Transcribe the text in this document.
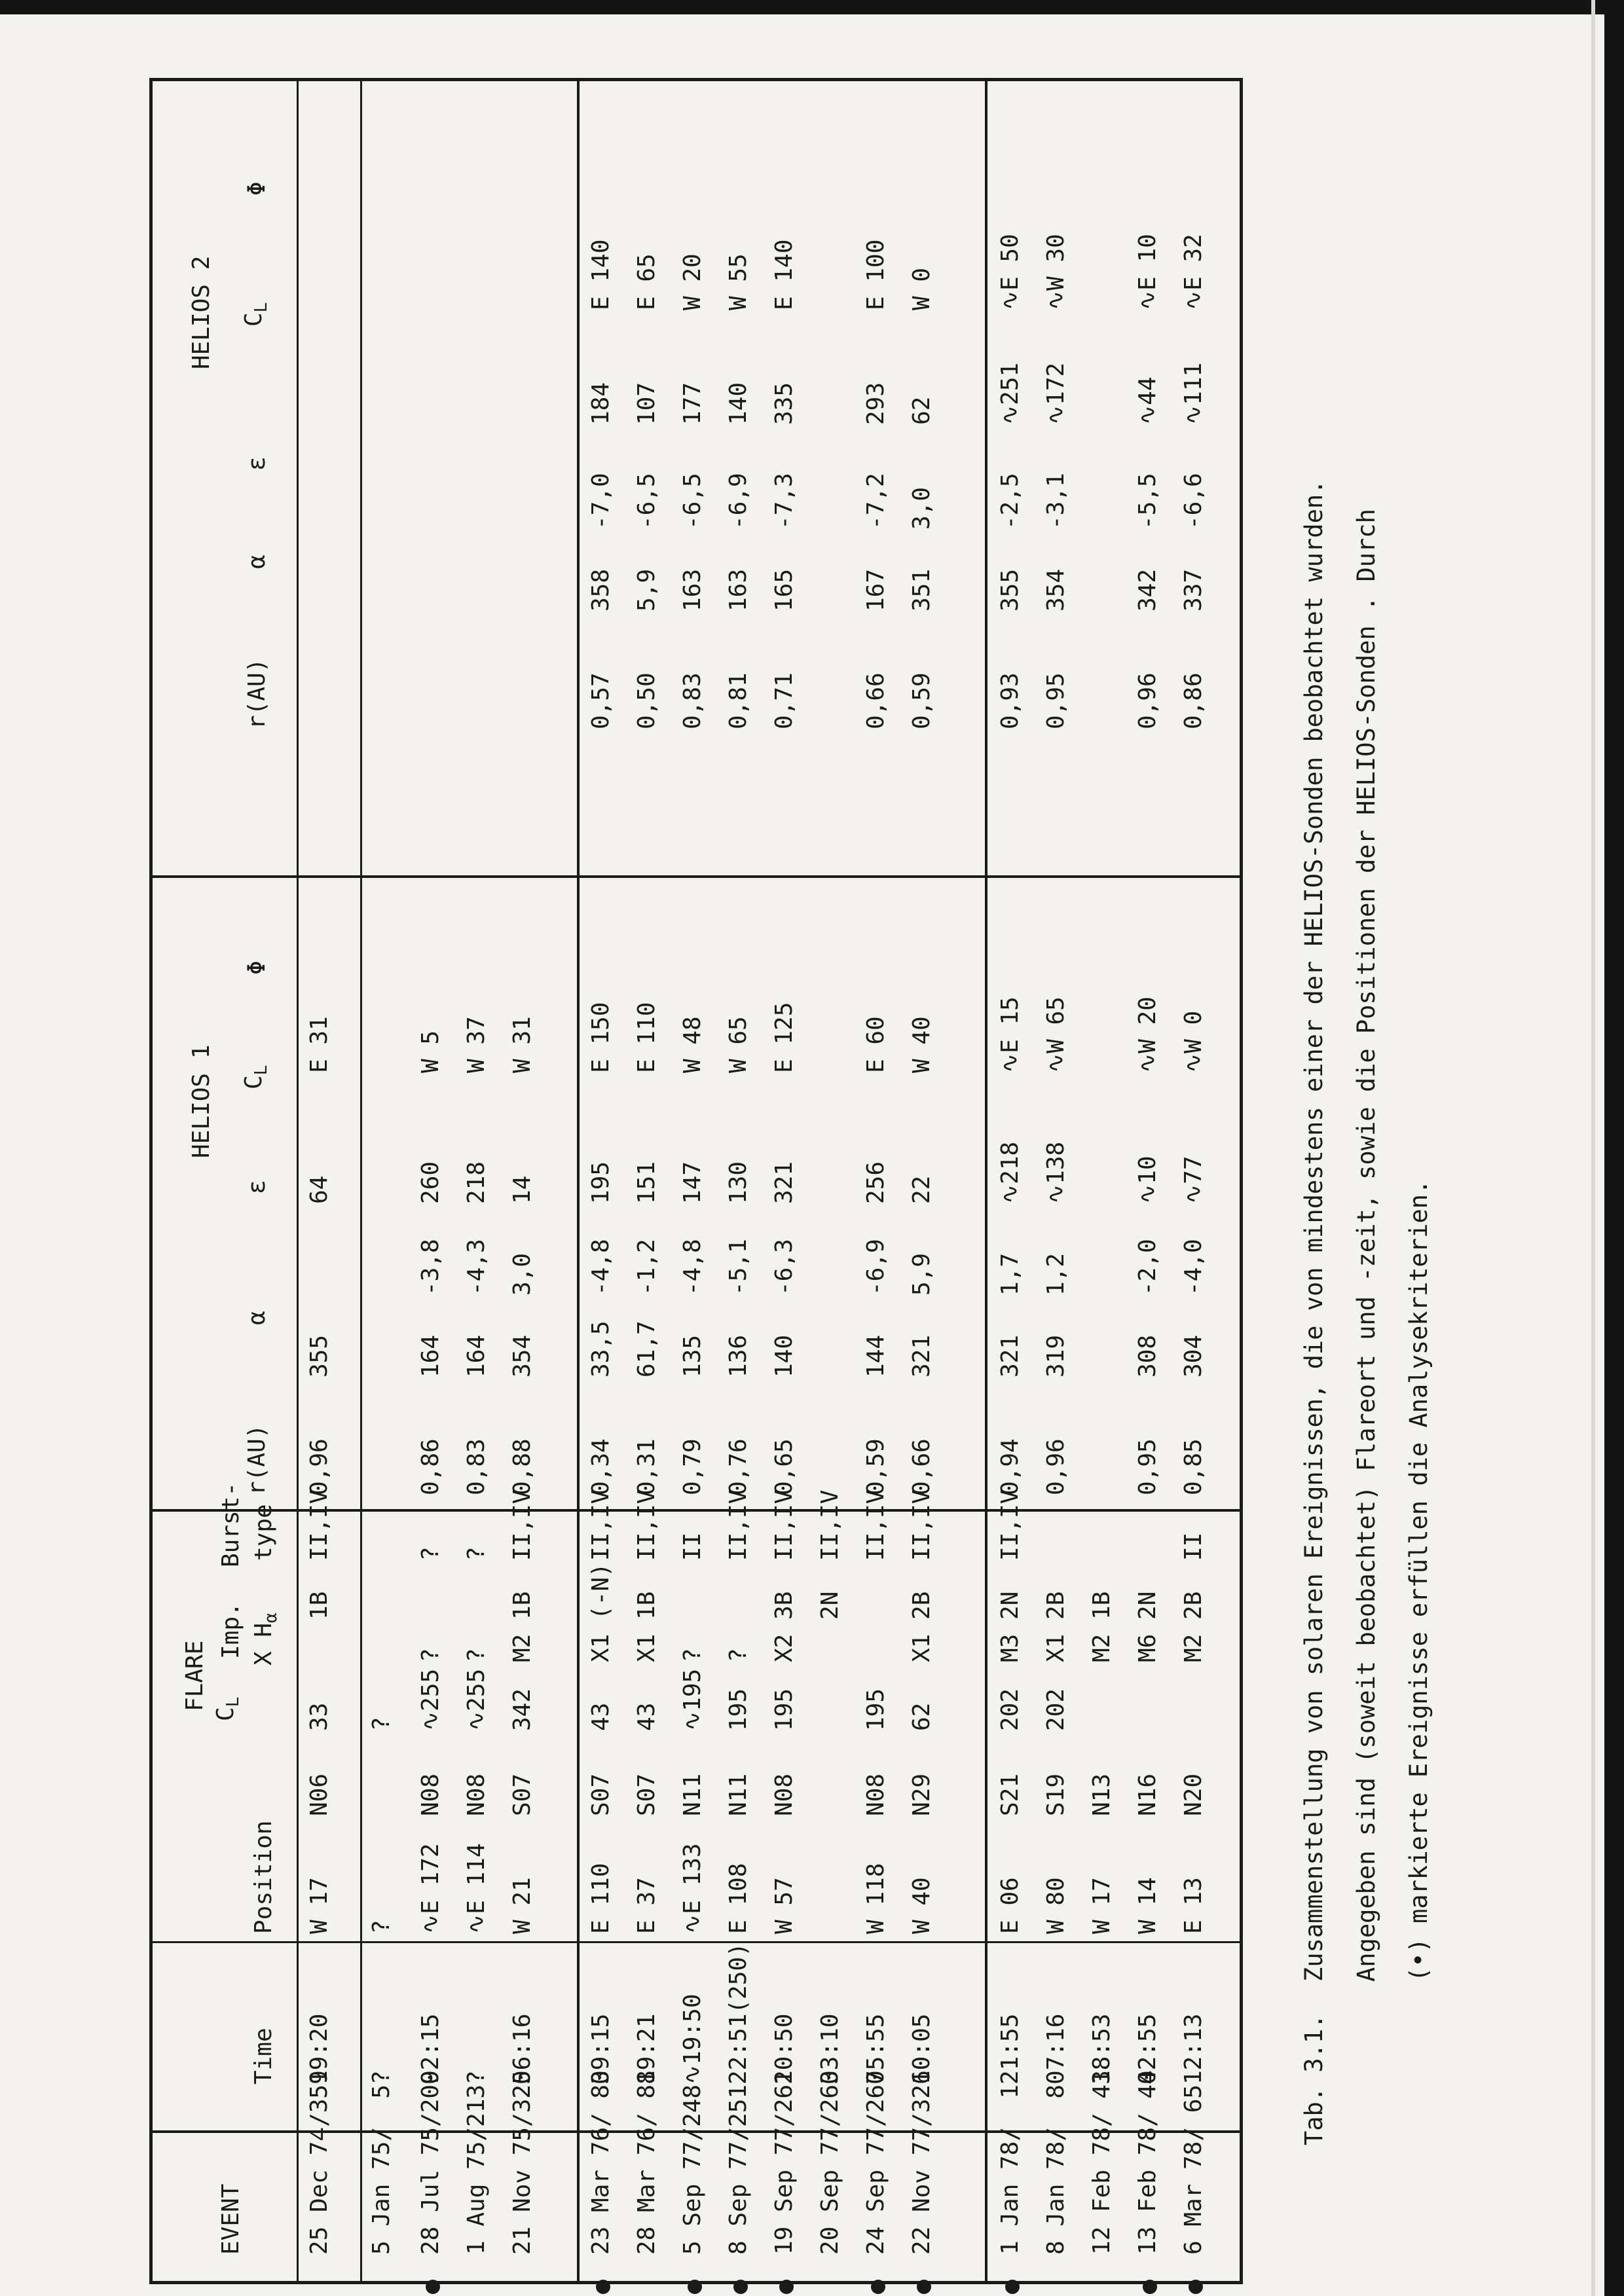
EVENT
Time
Position
FLARE
$C_L$
Imp. X $H_\alpha$
Burst- type
HELIOS 1
r(AU)
α
ε
$C_L$
Φ
HELIOS 2
r(AU)
α
ε
$C_L$
Φ
25 Dec 74/359
19:20
W 17
N06
33
1B
II,IV
0,96
355
64
E 31
5 Jan 75/  5
?
?
?
28 Jul 75/209
02:15
∿E 172
N08
∿255
?
?
0,86
164
-3,8
260
W 5
1 Aug 75/213
?
∿E 114
N08
∿255
?
?
0,83
164
-4,3
218
W 37
21 Nov 75/325
06:16
W 21
S07
342
M2
1B
II,IV
0,88
354
3,0
14
W 31
23 Mar 76/ 83
09:15
E 110
S07
43
X1
(-N)
II,IV
0,34
33,5
-4,8
195
E 150
0,57
358
-7,0
184
E 140
28 Mar 76/ 88
19:21
E 37
S07
43
X1
1B
II,IV
0,31
61,7
-1,2
151
E 110
0,50
5,9
-6,5
107
E 65
5 Sep 77/248
∿19:50
∿E 133
N11
∿195
?
II
0,79
135
-4,8
147
W 48
0,83
163
-6,5
177
W 20
8 Sep 77/251
22:51(250)
E 108
N11
195
?
II,IV
0,76
136
-5,1
130
W 65
0,81
163
-6,9
140
W 55
19 Sep 77/262
10:50
W 57
N08
195
X2
3B
II,IV
0,65
140
-6,3
321
E 125
0,71
165
-7,3
335
E 140
20 Sep 77/263
03:10
2N
II,IV
24 Sep 77/267
05:55
W 118
N08
195
II,IV
0,59
144
-6,9
256
E 60
0,66
167
-7,2
293
E 100
22 Nov 77/326
10:05
W 40
N29
62
X1
2B
II,IV
0,66
321
5,9
22
W 40
0,59
351
3,0
62
W 0
1 Jan 78/  1
21:55
E 06
S21
202
M3
2N
II,IV
0,94
321
1,7
∿218
∿E 15
0,93
355
-2,5
∿251
∿E 50
8 Jan 78/  8
07:16
W 80
S19
202
X1
2B
0,96
319
1,2
∿138
∿W 65
0,95
354
-3,1
∿172
∿W 30
12 Feb 78/ 43
18:53
W 17
N13
M2
1B
13 Feb 78/ 44
02:55
W 14
N16
M6
2N
0,95
308
-2,0
∿10
∿W 20
0,96
342
-5,5
∿44
∿E 10
6 Mar 78/ 65
12:13
E 13
N20
M2
2B
II
0,85
304
-4,0
∿77
∿W 0
0,86
337
-6,6
∿111
∿E 32
Tab. 3.1.
Zusammenstellung von solaren Ereignissen, die von mindestens einer der HELIOS-Sonden beobachtet wurden. Angegeben sind (soweit beobachtet) Flareort und -zeit, sowie die Positionen der HELIOS-Sonden . Durch (•) markierte Ereignisse erfüllen die Analysekriterien.
